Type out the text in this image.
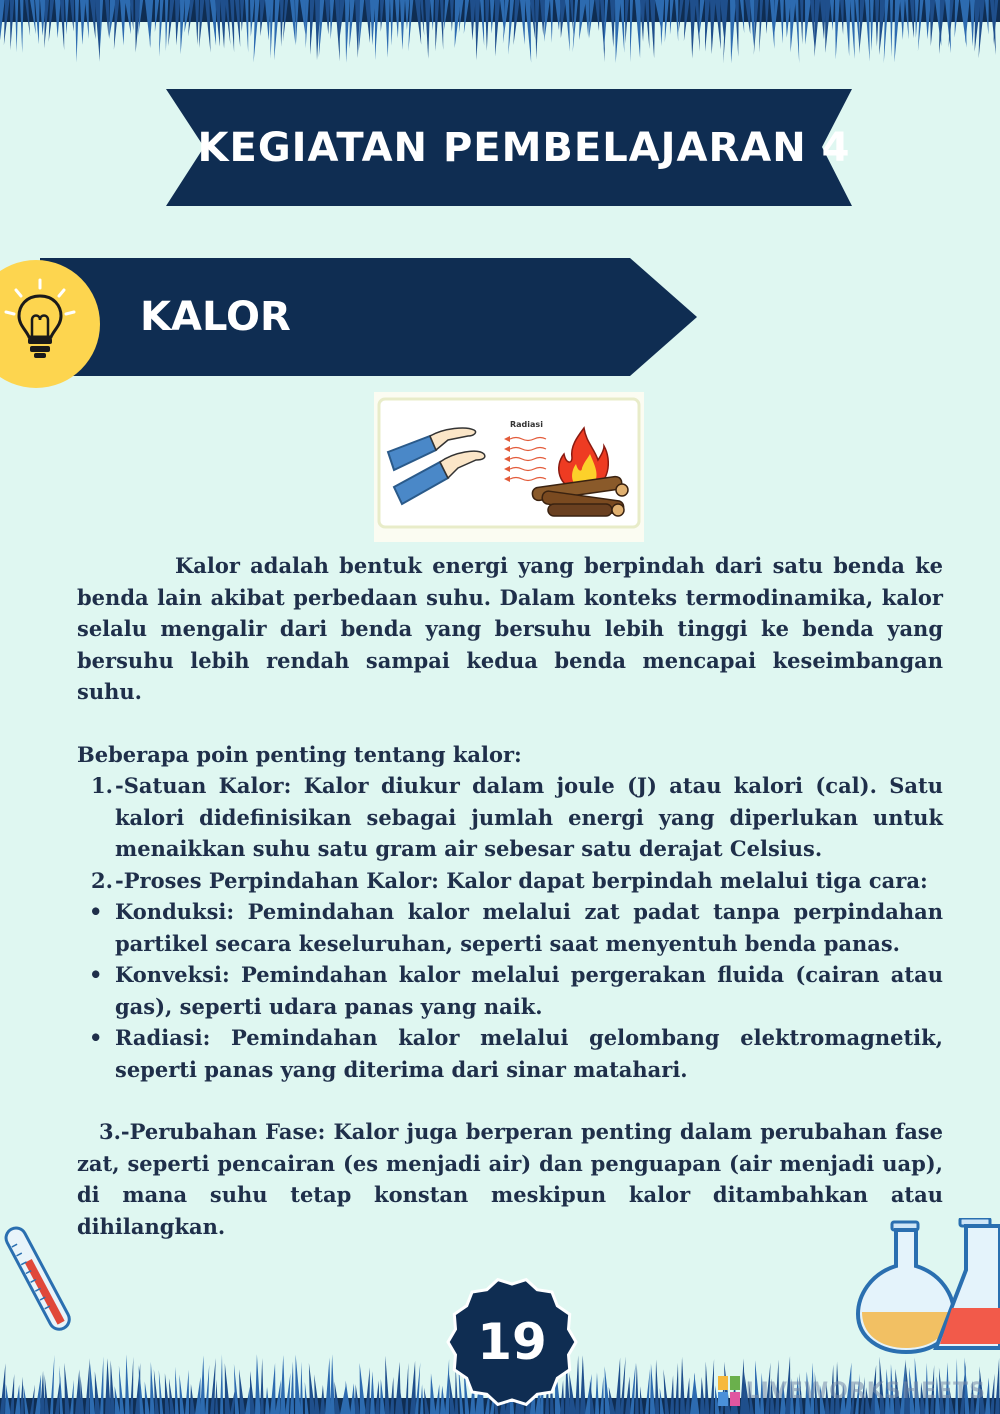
KEGIATAN PEMBELAJARAN 4
KALOR
Radiasi

Kalor adalah bentuk energi yang berpindah dari satu benda ke benda lain akibat perbedaan suhu. Dalam konteks termodinamika, kalor selalu mengalir dari benda yang bersuhu lebih tinggi ke benda yang bersuhu lebih rendah sampai kedua benda mencapai keseimbangan suhu.

Beberapa poin penting tentang kalor:

1. -Satuan Kalor: Kalor diukur dalam joule (J) atau kalori (cal). Satu kalori didefinisikan sebagai jumlah energi yang diperlukan untuk menaikkan suhu satu gram air sebesar satu derajat Celsius.
2. -Proses Perpindahan Kalor: Kalor dapat berpindah melalui tiga cara:
• Konduksi: Pemindahan kalor melalui zat padat tanpa perpindahan partikel secara keseluruhan, seperti saat menyentuh benda panas.
• Konveksi: Pemindahan kalor melalui pergerakan fluida (cairan atau gas), seperti udara panas yang naik.
• Radiasi: Pemindahan kalor melalui gelombang elektromagnetik, seperti panas yang diterima dari sinar matahari.

3.-Perubahan Fase: Kalor juga berperan penting dalam perubahan fase zat, seperti pencairan (es menjadi air) dan penguapan (air menjadi uap), di mana suhu tetap konstan meskipun kalor ditambahkan atau dihilangkan.

19
LIVEWORKSHEETS
